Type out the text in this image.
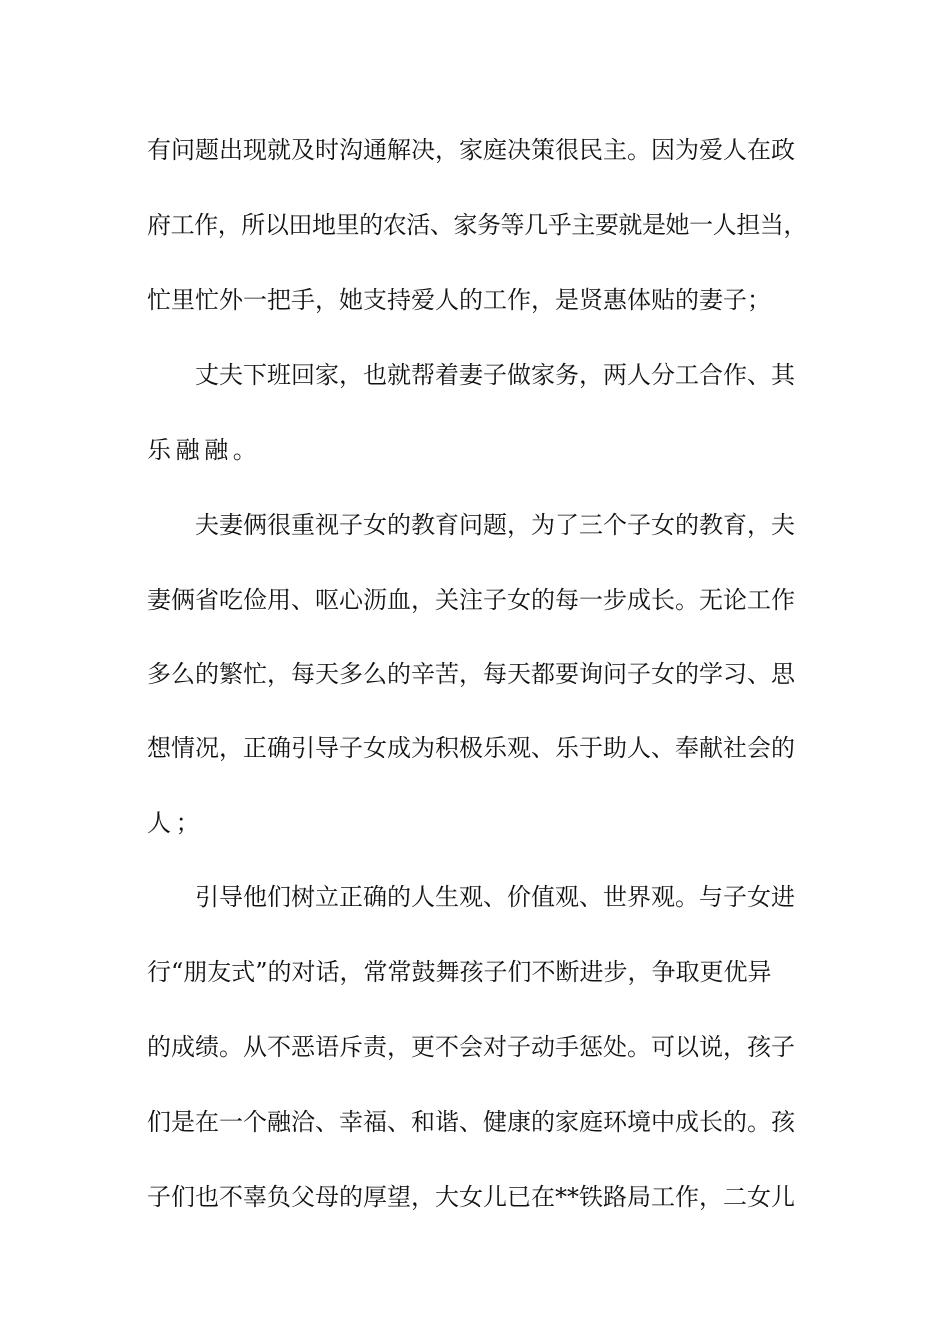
有问题出现就及时沟通解决，家庭决策很民主。因为爱人在政
府工作，所以田地里的农活、家务等几乎主要就是她一人担当，
忙里忙外一把手，她支持爱人的工作，是贤惠体贴的妻子；
丈夫下班回家，也就帮着妻子做家务，两人分工合作、其
乐融融。
夫妻俩很重视子女的教育问题，为了三个子女的教育，夫
妻俩省吃俭用、呕心沥血，关注子女的每一步成长。无论工作
多么的繁忙，每天多么的辛苦，每天都要询问子女的学习、思
想情况，正确引导子女成为积极乐观、乐于助人、奉献社会的
人；
引导他们树立正确的人生观、价值观、世界观。与子女进
行“朋友式”的对话，常常鼓舞孩子们不断进步，争取更优异
的成绩。从不恶语斥责，更不会对子动手惩处。可以说，孩子
们是在一个融洽、幸福、和谐、健康的家庭环境中成长的。孩
子们也不辜负父母的厚望，大女儿已在**铁路局工作，二女儿
